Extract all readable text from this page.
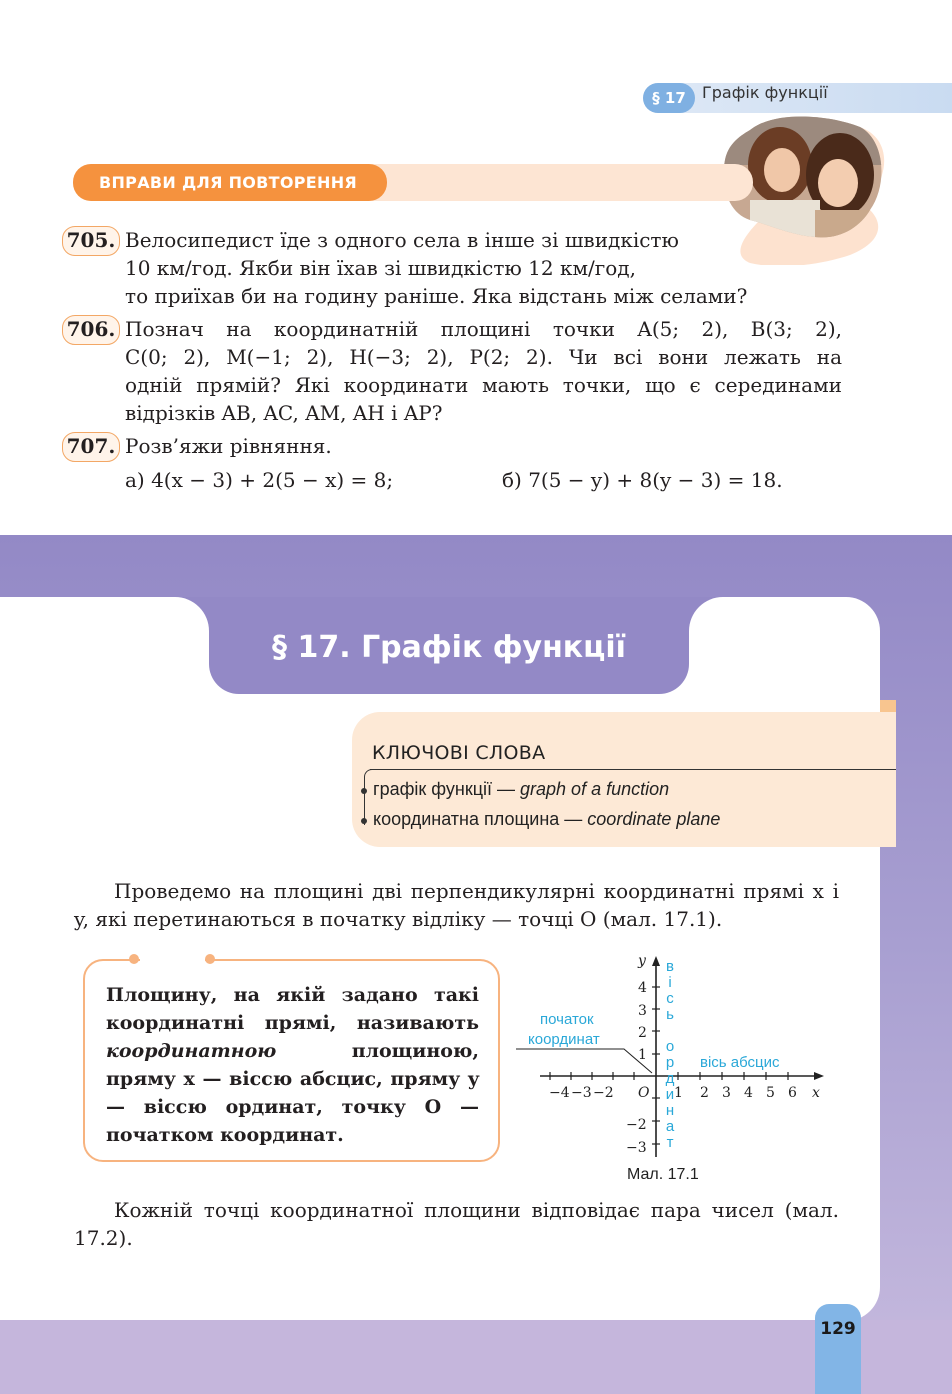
§ 17	Графік функції
ВПРАВИ ДЛЯ ПОВТОРЕННЯ
705. Велосипедист їде з одного села в інше зі швидкістю
10 км/год. Якби він їхав зі швидкістю 12 км/год,
то приїхав би на годину раніше. Яка відстань між селами?
706. Познач на координатній площині точки A(5; 2), B(3; 2),
C(0; 2), M(−1; 2), H(−3; 2), P(2; 2). Чи всі вони лежать на
одній прямій? Які координати мають точки, що є серединами
відрізків AB, AC, AM, AH і AP?
707. Розв’яжи рівняння.
а) 4(x − 3) + 2(5 − x) = 8;	б) 7(5 − y) + 8(y − 3) = 18.
§ 17. Графік функції
КЛЮЧОВІ СЛОВА
графік функції — graph of a function
координатна площина — coordinate plane
Проведемо на площині дві перпендикулярні координатні прямі x і y, які перетинаються в початку відліку — точці O (мал. 17.1).
Площину, на якій задано такі координатні прямі, називають координатною площиною, пряму x — віссю абсцис, пряму y — віссю ординат, точку O — початком координат.
−4 −3 −2	1 2 3 4 5 6 x
O
4
3
2
1
−2
−3
y
початок
координат
вісь абсцис
в і с ь
о р д и н а т
Мал. 17.1
Кожній точці координатної площини відповідає пара чисел (мал. 17.2).
129
